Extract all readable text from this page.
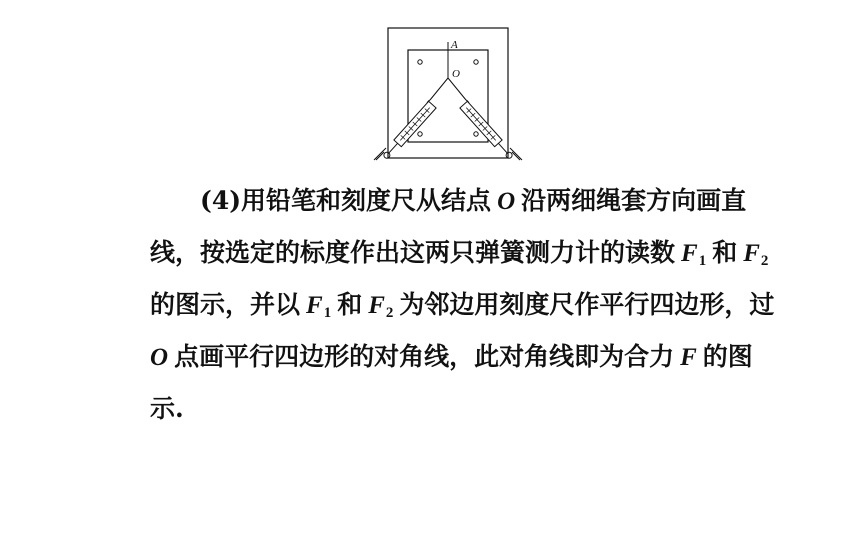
A
O
(4)用铅笔和刻度尺从结点 O 沿两细绳套方向画直
线，按选定的标度作出这两只弹簧测力计的读数 $F_1$ 和 $F_2$
的图示，并以 $F_1$ 和 $F_2$ 为邻边用刻度尺作平行四边形，过
O 点画平行四边形的对角线，此对角线即为合力 F 的图
示.
